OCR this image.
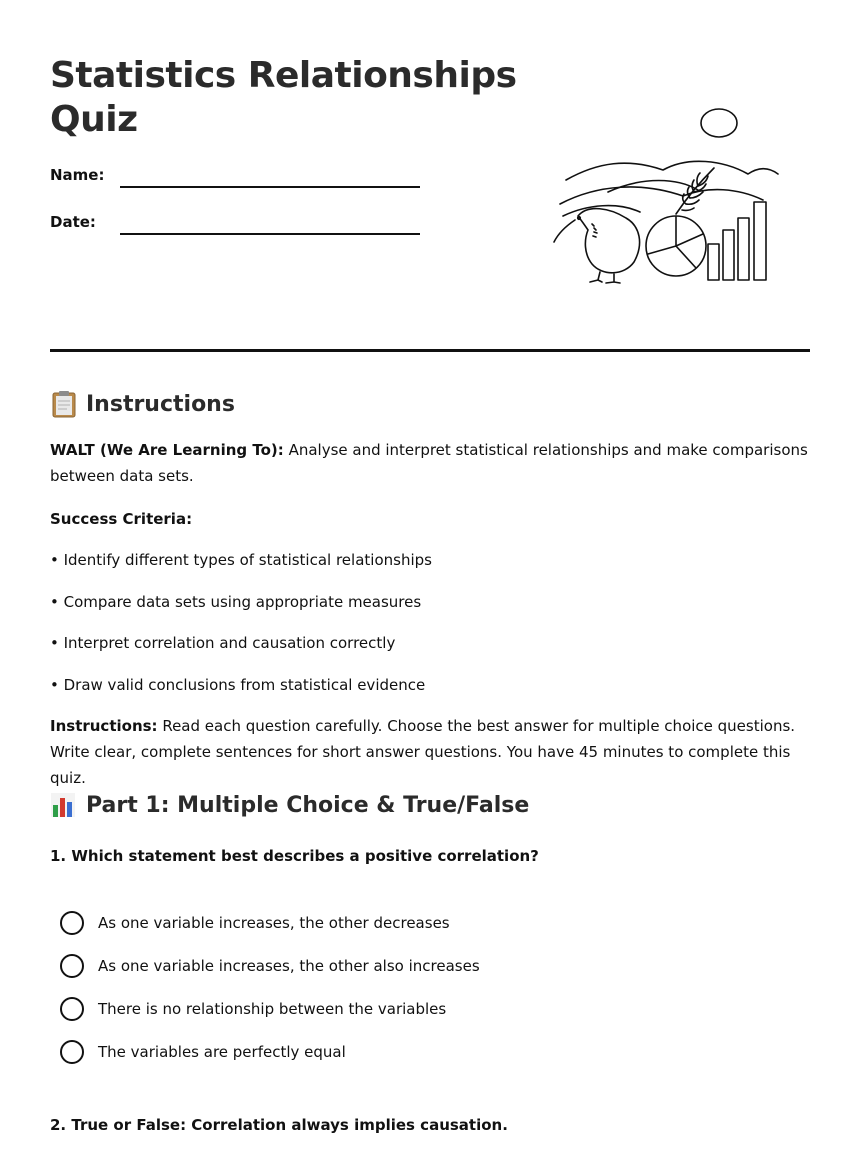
Statistics Relationships Quiz
Name:
Date:
Instructions

WALT (We Are Learning To): Analyse and interpret statistical relationships and make comparisons between data sets.

Success Criteria:
• Identify different types of statistical relationships
• Compare data sets using appropriate measures
• Interpret correlation and causation correctly
• Draw valid conclusions from statistical evidence

Instructions: Read each question carefully. Choose the best answer for multiple choice questions. Write clear, complete sentences for short answer questions. You have 45 minutes to complete this quiz.

Part 1: Multiple Choice & True/False
1. Which statement best describes a positive correlation?
As one variable increases, the other decreases
As one variable increases, the other also increases
There is no relationship between the variables
The variables are perfectly equal
2. True or False: Correlation always implies causation.
